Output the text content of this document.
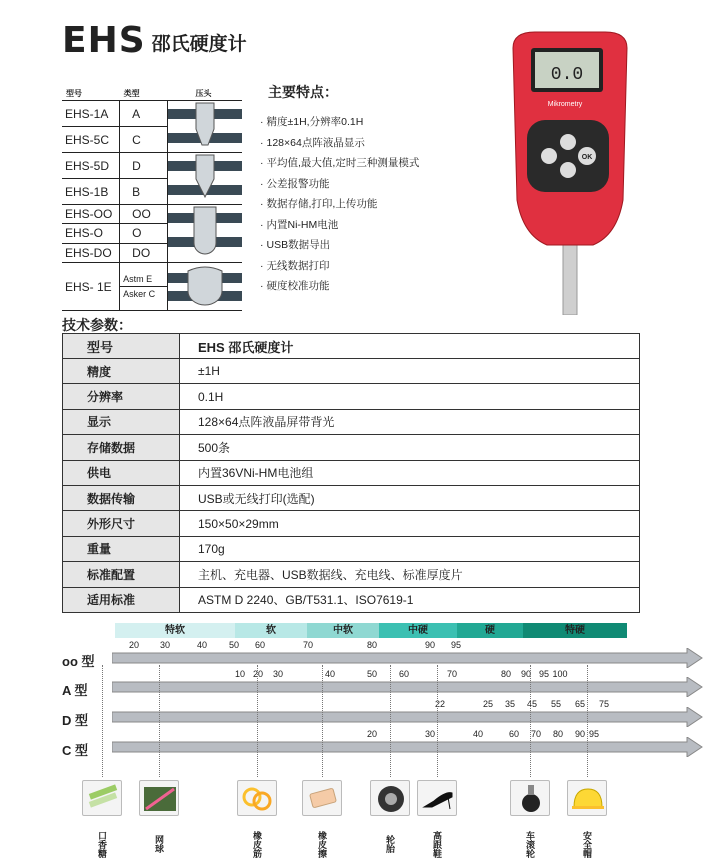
EHS 邵氏硬度计
型号	类型	压头
EHS-1A	A	
EHS-5C	C	
EHS-5D	D	
EHS-1B	B	
EHS-OO	OO	
EHS-O	O	
EHS-DO	DO	
EHS- 1E	Astm E
Asker C

主要特点：
· 精度±1H,分辨率0.1H
· 128×64点阵液晶显示
· 平均值,最大值,定时三种测量模式
· 公差报警功能
· 数据存储,打印,上传功能
· 内置Ni-HM电池
· USB数据导出
· 无线数据打印
· 硬度校准功能
0.0
Mikrometry
OK
技术参数：
型号	EHS 邵氏硬度计
精度	±1H
分辨率	0.1H
显示	128×64点阵液晶屏带背光
存储数据	500条
供电	内置36VNi-HM电池组
数据传输	USB或无线打印(选配)
外形尺寸	150×50×29mm
重量	170g
标准配置	主机、充电器、USB数据线、充电线、标准厚度片
适用标准	ASTM D 2240、GB/T531.1、ISO7619-1
特软	软	中软	中硬	硬	特硬
oo 型
20 30	40 50 60	70	80	90 95
A 型
10 20 30	40	50 60	70	80 90 95 100
D 型
22	25 35 45 55 65 75
C 型
20	30	40	60 70 80 90 95
口香糖	网球	橡皮筋	橡皮擦	轮胎	高跟鞋	车滚轮	安全帽
